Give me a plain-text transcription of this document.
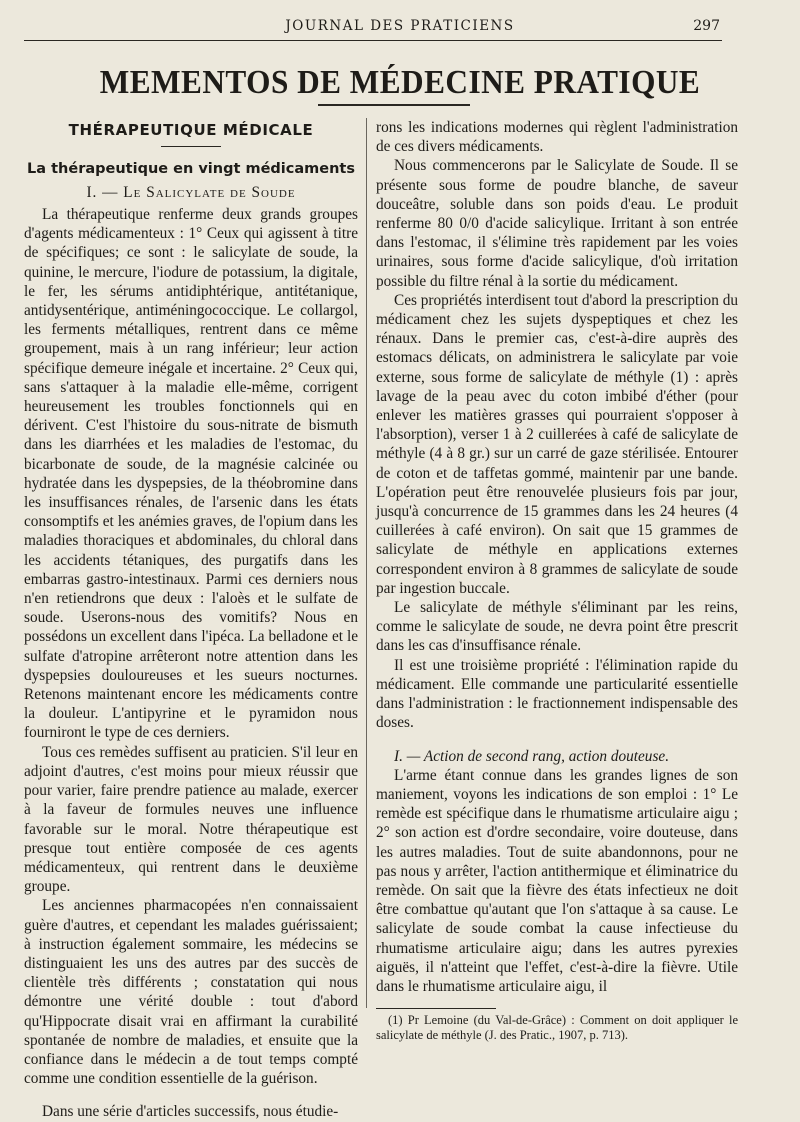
JOURNAL DES PRATICIENS	297
MEMENTOS DE MÉDECINE PRATIQUE
THÉRAPEUTIQUE MÉDICALE
La thérapeutique en vingt médicaments
I. — Le Salicylate de Soude

La thérapeutique renferme deux grands groupes d'agents médicamenteux : 1° Ceux qui agissent à titre de spécifiques; ce sont : le salicylate de soude, la quinine, le mercure, l'iodure de potassium, la digitale, le fer, les sérums antidiphtérique, antitétanique, antidysentérique, antiméningococcique. Le collargol, les ferments métalliques, rentrent dans ce même groupement, mais à un rang inférieur; leur action spécifique demeure inégale et incertaine. 2° Ceux qui, sans s'attaquer à la maladie elle-même, corrigent heureusement les troubles fonctionnels qui en dérivent. C'est l'histoire du sous-nitrate de bismuth dans les diarrhées et les maladies de l'estomac, du bicarbonate de soude, de la magnésie calcinée ou hydratée dans les dyspepsies, de la théobromine dans les insuffisances rénales, de l'arsenic dans les états consomptifs et les anémies graves, de l'opium dans les maladies thoraciques et abdominales, du chloral dans les accidents tétaniques, des purgatifs dans les embarras gastro-intestinaux. Parmi ces derniers nous n'en retiendrons que deux : l'aloès et le sulfate de soude. Userons-nous des vomitifs? Nous en possédons un excellent dans l'ipéca. La belladone et le sulfate d'atropine arrêteront notre attention dans les dyspepsies douloureuses et les sueurs nocturnes. Retenons maintenant encore les médicaments contre la douleur. L'antipyrine et le pyramidon nous fourniront le type de ces derniers.

Tous ces remèdes suffisent au praticien. S'il leur en adjoint d'autres, c'est moins pour mieux réussir que pour varier, faire prendre patience au malade, exercer à la faveur de formules neuves une influence favorable sur le moral. Notre thérapeutique est presque tout entière composée de ces agents médicamenteux, qui rentrent dans le deuxième groupe.

Les anciennes pharmacopées n'en connaissaient guère d'autres, et cependant les malades guérissaient; à instruction également sommaire, les médecins se distinguaient les uns des autres par des succès de clientèle très différents ; constatation qui nous démontre une vérité double : tout d'abord qu'Hippocrate disait vrai en affirmant la curabilité spontanée de nombre de maladies, et ensuite que la confiance dans le médecin a de tout temps compté comme une condition essentielle de la guérison.

Dans une série d'articles successifs, nous étudie-

rons les indications modernes qui règlent l'administration de ces divers médicaments.

Nous commencerons par le Salicylate de Soude. Il se présente sous forme de poudre blanche, de saveur douceâtre, soluble dans son poids d'eau. Le produit renferme 80 0/0 d'acide salicylique. Irritant à son entrée dans l'estomac, il s'élimine très rapidement par les voies urinaires, sous forme d'acide salicylique, d'où irritation possible du filtre rénal à la sortie du médicament.

Ces propriétés interdisent tout d'abord la prescription du médicament chez les sujets dyspeptiques et chez les rénaux. Dans le premier cas, c'est-à-dire auprès des estomacs délicats, on administrera le salicylate par voie externe, sous forme de salicylate de méthyle (1) : après lavage de la peau avec du coton imbibé d'éther (pour enlever les matières grasses qui pourraient s'opposer à l'absorption), verser 1 à 2 cuillerées à café de salicylate de méthyle (4 à 8 gr.) sur un carré de gaze stérilisée. Entourer de coton et de taffetas gommé, maintenir par une bande. L'opération peut être renouvelée plusieurs fois par jour, jusqu'à concurrence de 15 grammes dans les 24 heures (4 cuillerées à café environ). On sait que 15 grammes de salicylate de méthyle en applications externes correspondent environ à 8 grammes de salicylate de soude par ingestion buccale.

Le salicylate de méthyle s'éliminant par les reins, comme le salicylate de soude, ne devra point être prescrit dans les cas d'insuffisance rénale.

Il est une troisième propriété : l'élimination rapide du médicament. Elle commande une particularité essentielle dans l'administration : le fractionnement indispensable des doses.

I. — Action de second rang, action douteuse.

L'arme étant connue dans les grandes lignes de son maniement, voyons les indications de son emploi : 1° Le remède est spécifique dans le rhumatisme articulaire aigu ; 2° son action est d'ordre secondaire, voire douteuse, dans les autres maladies. Tout de suite abandonnons, pour ne pas nous y arrêter, l'action antithermique et éliminatrice du remède. On sait que la fièvre des états infectieux ne doit être combattue qu'autant que l'on s'attaque à sa cause. Le salicylate de soude combat la cause infectieuse du rhumatisme articulaire aigu; dans les autres pyrexies aiguës, il n'atteint que l'effet, c'est-à-dire la fièvre. Utile dans le rhumatisme articulaire aigu, il

(1) Pr Lemoine (du Val-de-Grâce) : Comment on doit appliquer le salicylate de méthyle (J. des Pratic., 1907, p. 713).
